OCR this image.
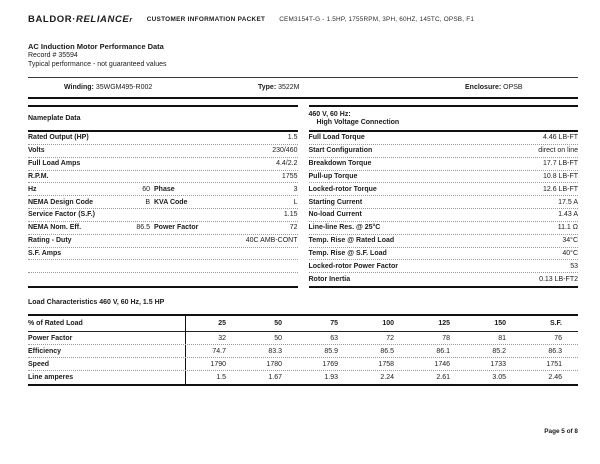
BALDOR·RELIANCEr CUSTOMER INFORMATION PACKET CEM3154T-G - 1.5HP, 1755RPM, 3PH, 60HZ, 145TC, OPSB, F1
AC Induction Motor Performance Data
Record # 35594
Typical performance - not guaranteed values
Winding: 35WGM495-R002	Type: 3522M	Enclosure: OPSB
Nameplate Data
Rated Output (HP)	1.5
Volts	230/460
Full Load Amps	4.4/2.2
R.P.M.	1755
Hz	60 Phase	3
NEMA Design Code	B KVA Code	L
Service Factor (S.F.)	1.15
NEMA Nom. Eff.	86.5 Power Factor	72
Rating - Duty	40C AMB-CONT
S.F. Amps
460 V, 60 Hz:
High Voltage Connection
Full Load Torque	4.46 LB-FT
Start Configuration	direct on line
Breakdown Torque	17.7 LB-FT
Pull-up Torque	10.8 LB-FT
Locked-rotor Torque	12.6 LB-FT
Starting Current	17.5 A
No-load Current	1.43 A
Line-line Res. @ 25°C	11.1 Ω
Temp. Rise @ Rated Load	34°C
Temp. Rise @ S.F. Load	40°C
Locked-rotor Power Factor	53
Rotor Inertia	0.13 LB-FT2
Load Characteristics 460 V, 60 Hz, 1.5 HP
% of Rated Load	25	50	75	100	125	150	S.F.
Power Factor	32	50	63	72	78	81	76
Efficiency	74.7	83.3	85.9	86.5	86.1	85.2	86.3
Speed	1790	1780	1769	1758	1746	1733	1751
Line amperes	1.5	1.67	1.93	2.24	2.61	3.05	2.46
Page 5 of 8
